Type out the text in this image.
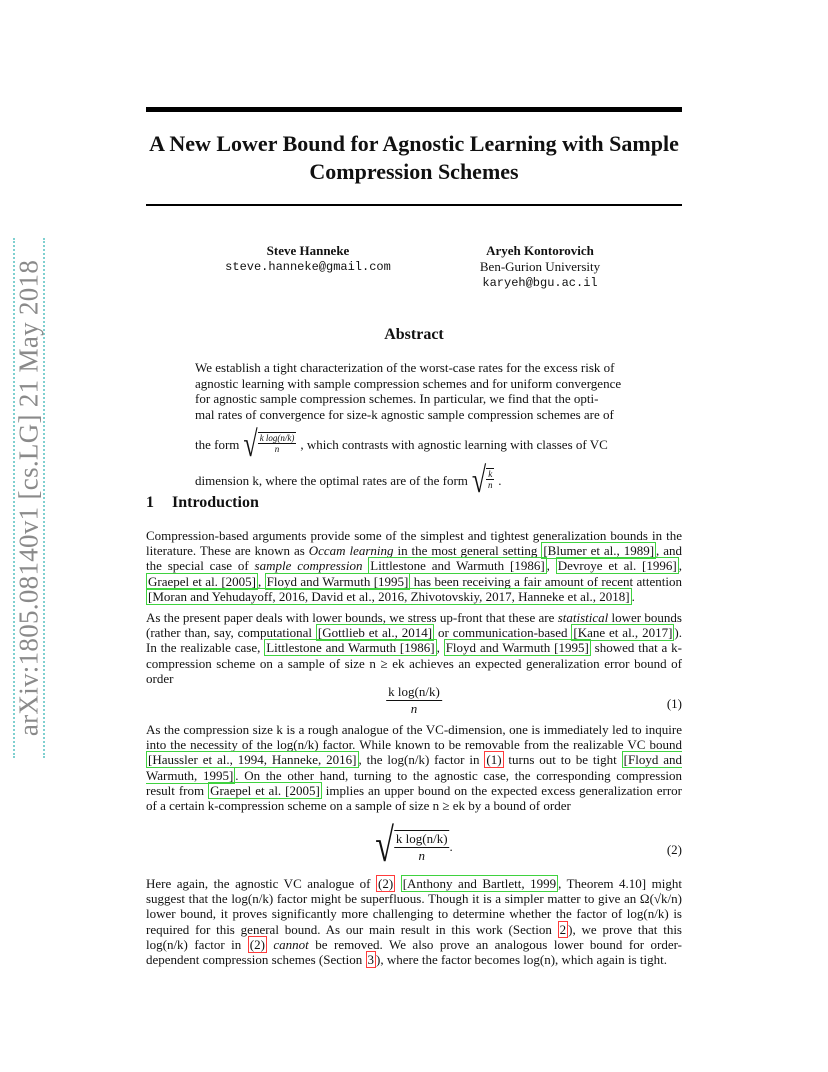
arXiv:1805.08140v1 [cs.LG] 21 May 2018
A New Lower Bound for Agnostic Learning with Sample Compression Schemes
Steve Hanneke
steve.hanneke@gmail.com
Aryeh Kontorovich
Ben-Gurion University
karyeh@bgu.ac.il
Abstract
We establish a tight characterization of the worst-case rates for the excess risk of
agnostic learning with sample compression schemes and for uniform convergence
for agnostic sample compression schemes. In particular, we find that the opti-
mal rates of convergence for size-k agnostic sample compression schemes are of
the form √ $\frac{\text{k log(n/k)}}{n}$ , which contrasts with agnostic learning with classes of VC
dimension k, where the optimal rates are of the form √ $\frac{k}{n}$ .
1 Introduction
Compression-based arguments provide some of the simplest and tightest generalization bounds in the literature. These are known as Occam learning in the most general setting [Blumer et al., 1989] , and the special case of sample compression Littlestone and Warmuth [1986] , Devroye et al. [1996] , Graepel et al. [2005] , Floyd and Warmuth [1995] has been receiving a fair amount of recent attention [Moran and Yehudayoff, 2016, David et al., 2016, Zhivotovskiy, 2017, Hanneke et al., 2018] .
As the present paper deals with lower bounds, we stress up-front that these are statistical lower bounds (rather than, say, computational [Gottlieb et al., 2014] or communication-based [Kane et al., 2017] ). In the realizable case, Littlestone and Warmuth [1986] , Floyd and Warmuth [1995] showed that a k-compression scheme on a sample of size n ≥ ek achieves an expected generalization error bound of order
$\frac{\text{k log(n/k)}}{n}$	(1)
As the compression size k is a rough analogue of the VC-dimension, one is immediately led to inquire into the necessity of the log(n/k) factor. While known to be removable from the realizable VC bound [Haussler et al., 1994, Hanneke, 2016] , the log(n/k) factor in (1) turns out to be tight [Floyd and Warmuth, 1995] . On the other hand, turning to the agnostic case, the corresponding compression result from Graepel et al. [2005] implies an upper bound on the expected excess generalization error of a certain k-compression scheme on a sample of size n ≥ ek by a bound of order
√ $\frac{\text{k log(n/k)}}{n}$ .	(2)
Here again, the agnostic VC analogue of (2) [Anthony and Bartlett, 1999 , Theorem 4.10] might suggest that the log(n/k) factor might be superfluous. Though it is a simpler matter to give an Ω(√k/n) lower bound, it proves significantly more challenging to determine whether the factor of log(n/k) is required for this general bound. As our main result in this work (Section 2 ), we prove that this log(n/k) factor in (2) cannot be removed. We also prove an analogous lower bound for order-dependent compression schemes (Section 3 ), where the factor becomes log(n), which again is tight.
